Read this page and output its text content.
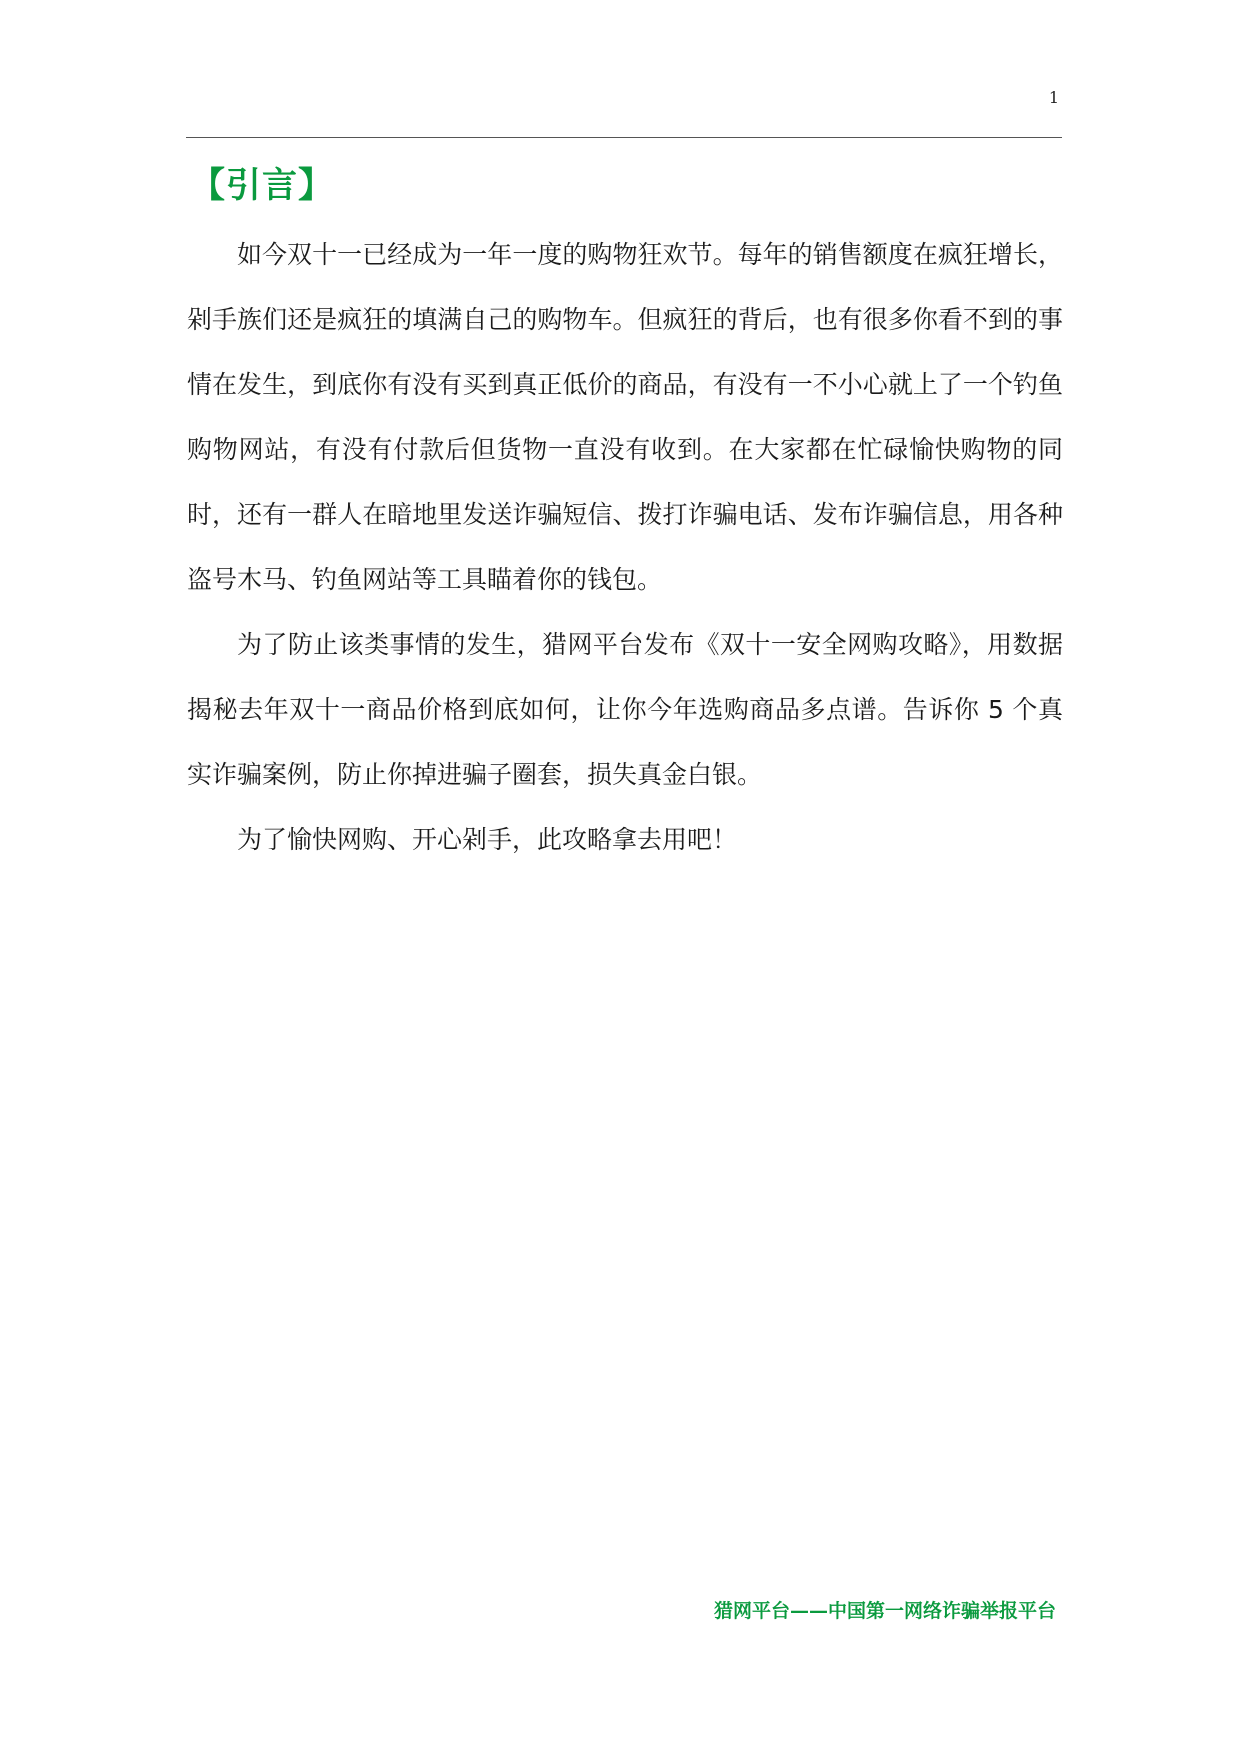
1
【引言】

如今双十一已经成为一年一度的购物狂欢节。每年的销售额度在疯狂增长，剁手族们还是疯狂的填满自己的购物车。但疯狂的背后，也有很多你看不到的事情在发生，到底你有没有买到真正低价的商品，有没有一不小心就上了一个钓鱼购物网站，有没有付款后但货物一直没有收到。在大家都在忙碌愉快购物的同时，还有一群人在暗地里发送诈骗短信、拨打诈骗电话、发布诈骗信息，用各种盗号木马、钓鱼网站等工具瞄着你的钱包。

为了防止该类事情的发生，猎网平台发布《双十一安全网购攻略》，用数据揭秘去年双十一商品价格到底如何，让你今年选购商品多点谱。告诉你 5 个真实诈骗案例，防止你掉进骗子圈套，损失真金白银。

为了愉快网购、开心剁手，此攻略拿去用吧！

猎网平台——中国第一网络诈骗举报平台
